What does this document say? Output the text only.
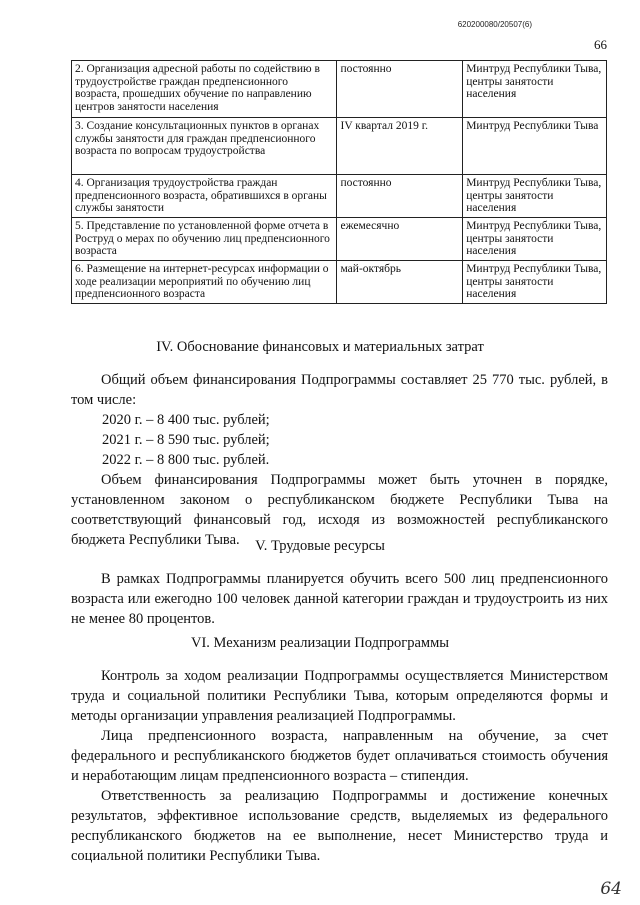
620200080/20507(6)
66
2. Организация адресной работы по содействию в трудоустройстве граждан предпенсионного возраста, прошедших обучение по направлению центров занятости населения	постоянно	Минтруд Республики Тыва, центры занятости населения
3. Создание консультационных пунктов в органах службы занятости для граждан предпенсионного возраста по вопросам трудоустройства	IV квартал 2019 г.	Минтруд Республики Тыва
4. Организация трудоустройства граждан предпенсионного возраста, обратившихся в органы службы занятости	постоянно	Минтруд Республики Тыва, центры занятости населения
5. Представление по установленной форме отчета в Роструд о мерах по обучению лиц предпенсионного возраста	ежемесячно	Минтруд Республики Тыва, центры занятости населения
6. Размещение на интернет-ресурсах информации о ходе реализации мероприятий по обучению лиц предпенсионного возраста	май-октябрь	Минтруд Республики Тыва, центры занятости населения
IV. Обоснование финансовых и материальных затрат

Общий объем финансирования Подпрограммы составляет 25 770 тыс. рублей, в том числе:

2020 г. – 8 400 тыс. рублей;

2021 г. – 8 590 тыс. рублей;

2022 г. – 8 800 тыс. рублей.

Объем финансирования Подпрограммы может быть уточнен в порядке, установленном законом о республиканском бюджете Республики Тыва на соответствующий финансовый год, исходя из возможностей республиканского бюджета Республики Тыва.	V. Трудовые ресурсы

В рамках Подпрограммы планируется обучить всего 500 лиц предпенсионного возраста или ежегодно 100 человек данной категории граждан и трудоустроить из них не менее 80 процентов.

VI. Механизм реализации Подпрограммы

Контроль за ходом реализации Подпрограммы осуществляется Министерством труда и социальной политики Республики Тыва, которым определяются формы и методы организации управления реализацией Подпрограммы.

Лица предпенсионного возраста, направленным на обучение, за счет федерального и республиканского бюджетов будет оплачиваться стоимость обучения и неработающим лицам предпенсионного возраста – стипендия.

Ответственность за реализацию Подпрограммы и достижение конечных результатов, эффективное использование средств, выделяемых из федерального республиканского бюджетов на ее выполнение, несет Министерство труда и социальной политики Республики Тыва.

64
